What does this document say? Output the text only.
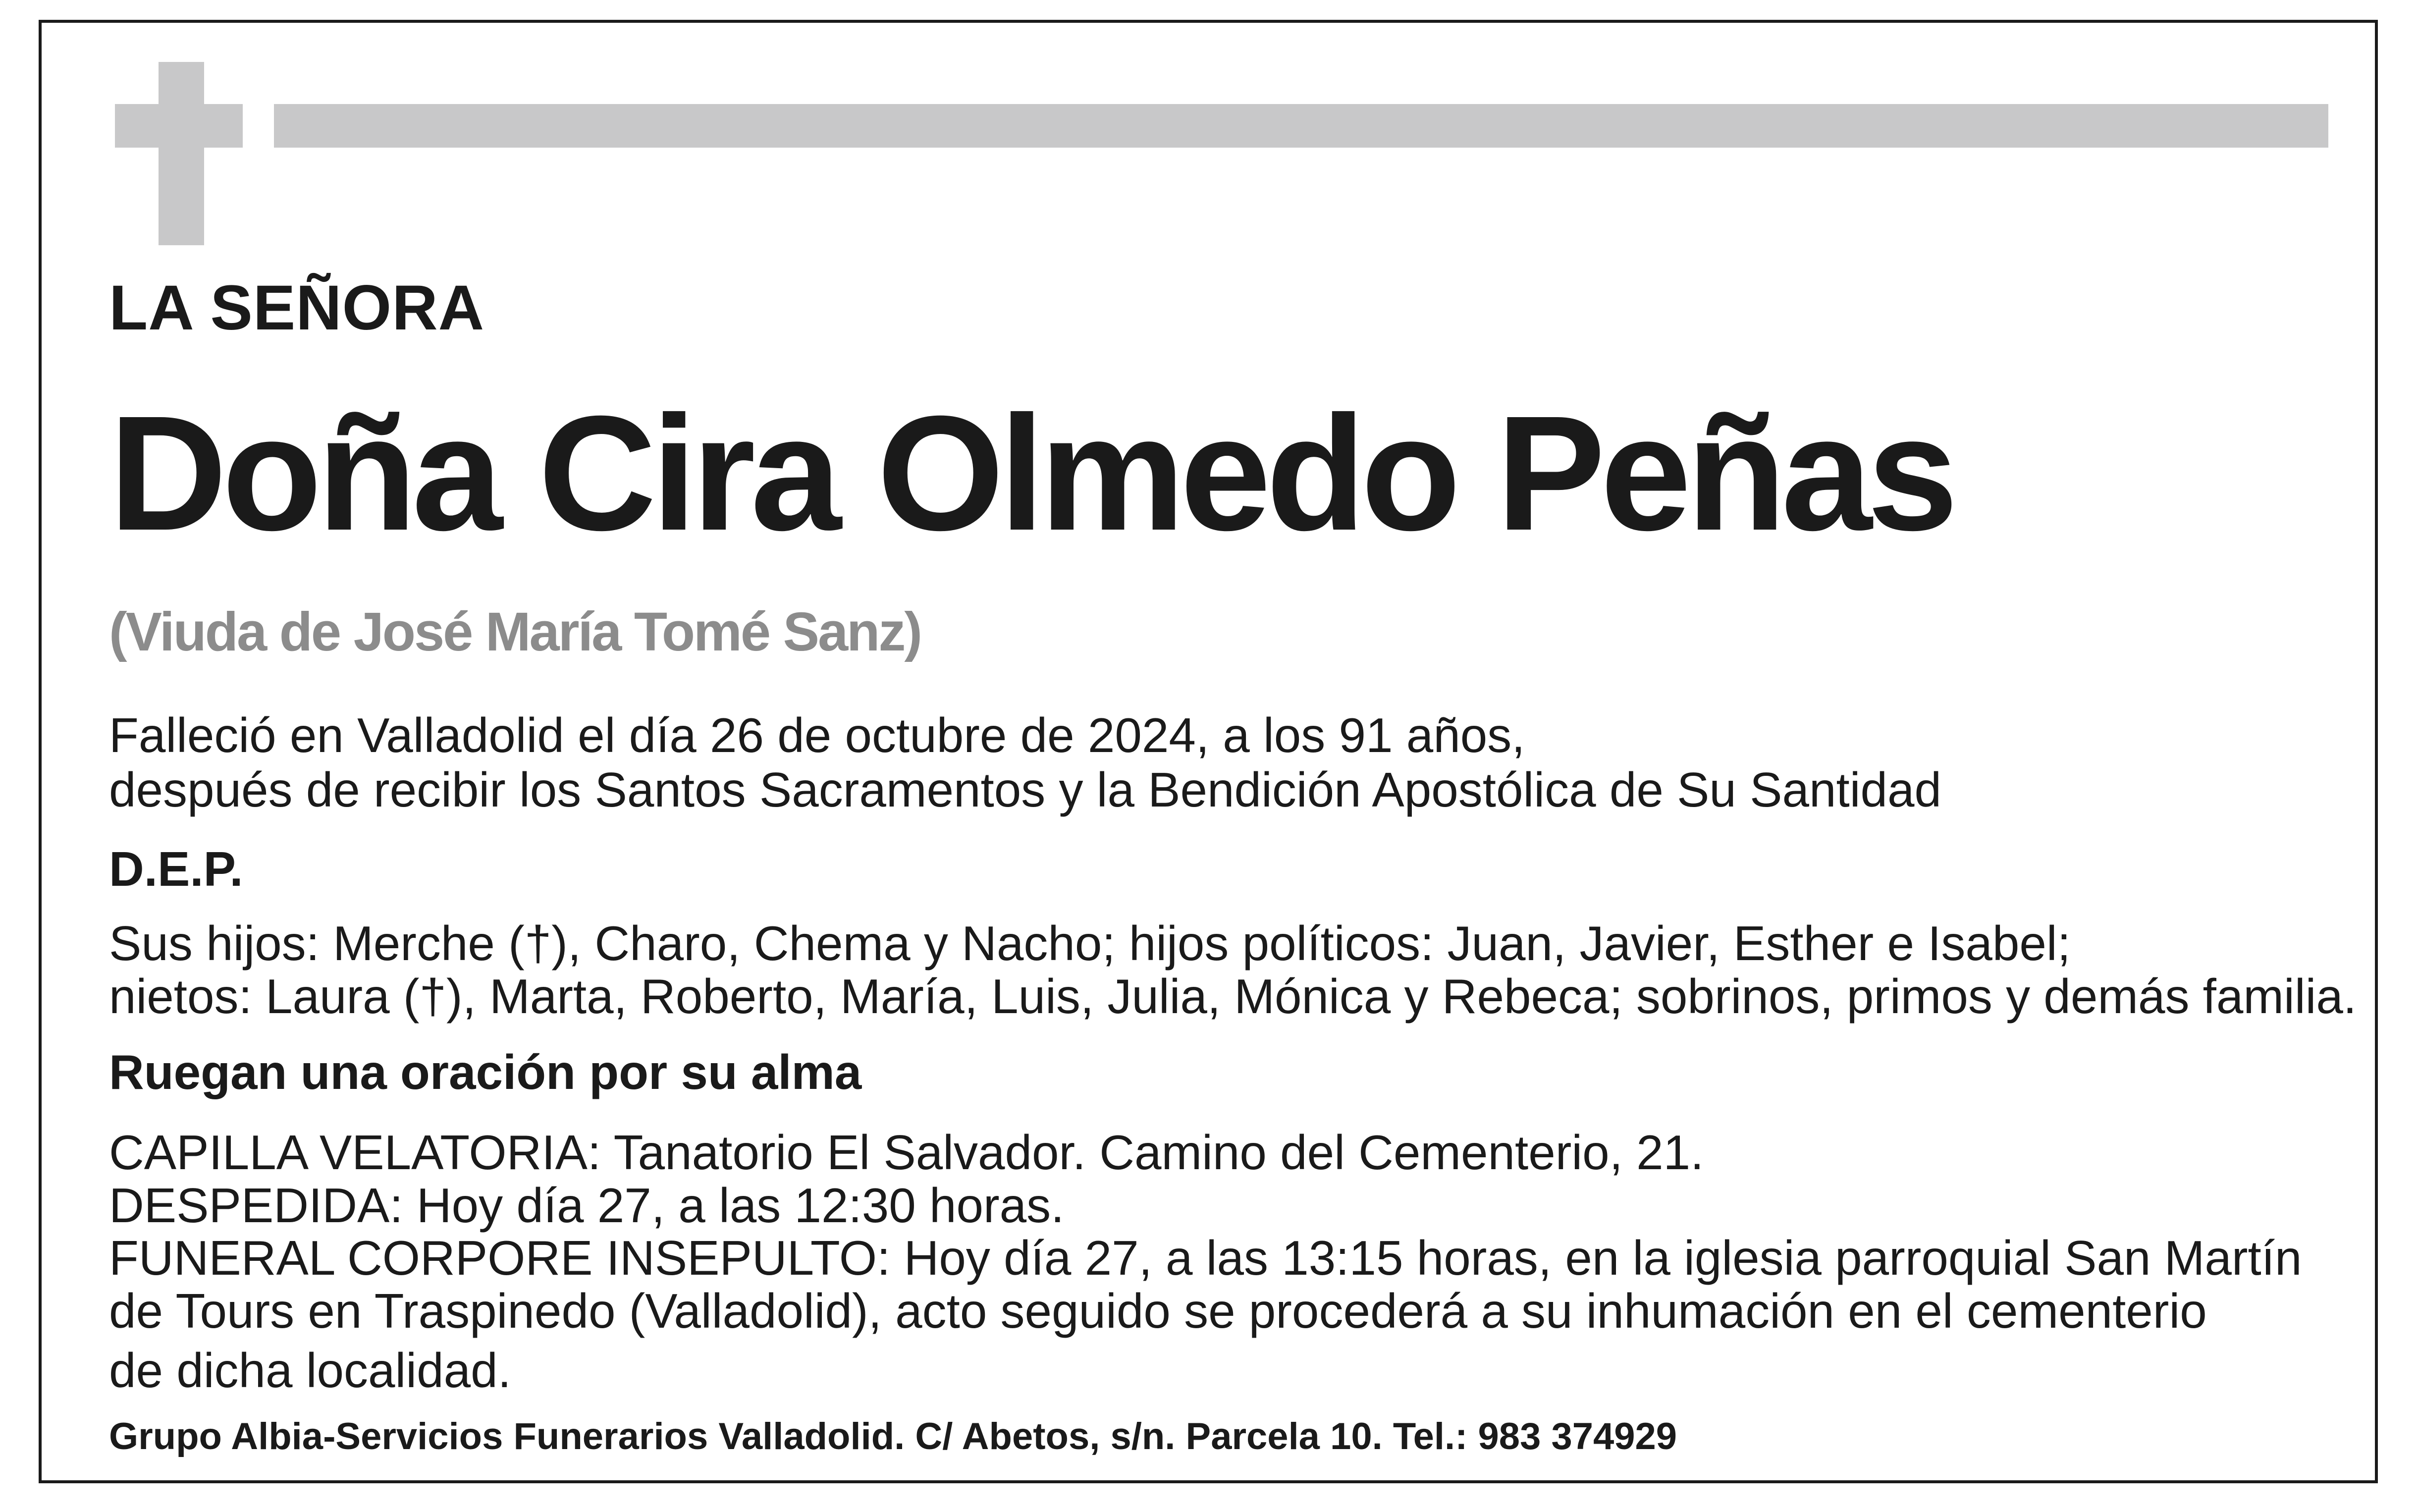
LA SEÑORA

Doña Cira Olmedo Peñas

(Viuda de José María Tomé Sanz)

Falleció en Valladolid el día 26 de octubre de 2024, a los 91 años,

después de recibir los Santos Sacramentos y la Bendición Apostólica de Su Santidad

D.E.P.

Sus hijos: Merche (†), Charo, Chema y Nacho; hijos políticos: Juan, Javier, Esther e Isabel;

nietos: Laura (†), Marta, Roberto, María, Luis, Julia, Mónica y Rebeca; sobrinos, primos y demás familia.

Ruegan una oración por su alma

CAPILLA VELATORIA: Tanatorio El Salvador. Camino del Cementerio, 21.

DESPEDIDA: Hoy día 27, a las 12:30 horas.

FUNERAL CORPORE INSEPULTO: Hoy día 27, a las 13:15 horas, en la iglesia parroquial San Martín

de Tours en Traspinedo (Valladolid), acto seguido se procederá a su inhumación en el cementerio

de dicha localidad.

Grupo Albia-Servicios Funerarios Valladolid. C/ Abetos, s/n. Parcela 10. Tel.: 983 374929
